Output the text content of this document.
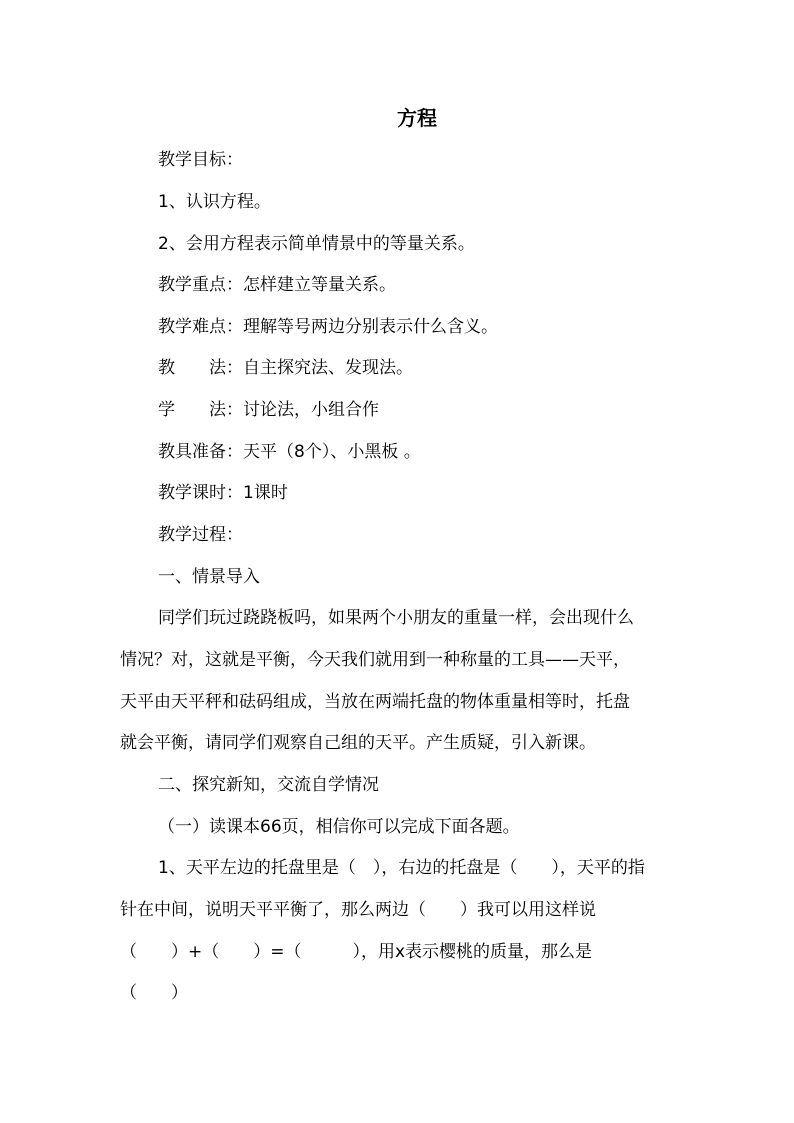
方程
教学目标：
1、认识方程。
2、会用方程表示简单情景中的等量关系。
教学重点：怎样建立等量关系。
教学难点：理解等号两边分别表示什么含义。
教　　法：自主探究法、发现法。
学　　法：讨论法，小组合作
教具准备：天平（8个）、小黑板 。
教学课时：1课时
教学过程：
一、情景导入
同学们玩过跷跷板吗，如果两个小朋友的重量一样，会出现什么
情况？对，这就是平衡，今天我们就用到一种称量的工具——天平，
天平由天平秤和砝码组成，当放在两端托盘的物体重量相等时，托盘
就会平衡，请同学们观察自己组的天平。产生质疑，引入新课。
二、探究新知，交流自学情况
（一）读课本66页，相信你可以完成下面各题。
1、天平左边的托盘里是（　），右边的托盘是（　　），天平的指
针在中间，说明天平平衡了，那么两边（　　）我可以用这样说
（　　）+（　　）=（　　　），用x表示樱桃的质量，那么是
（　　）
